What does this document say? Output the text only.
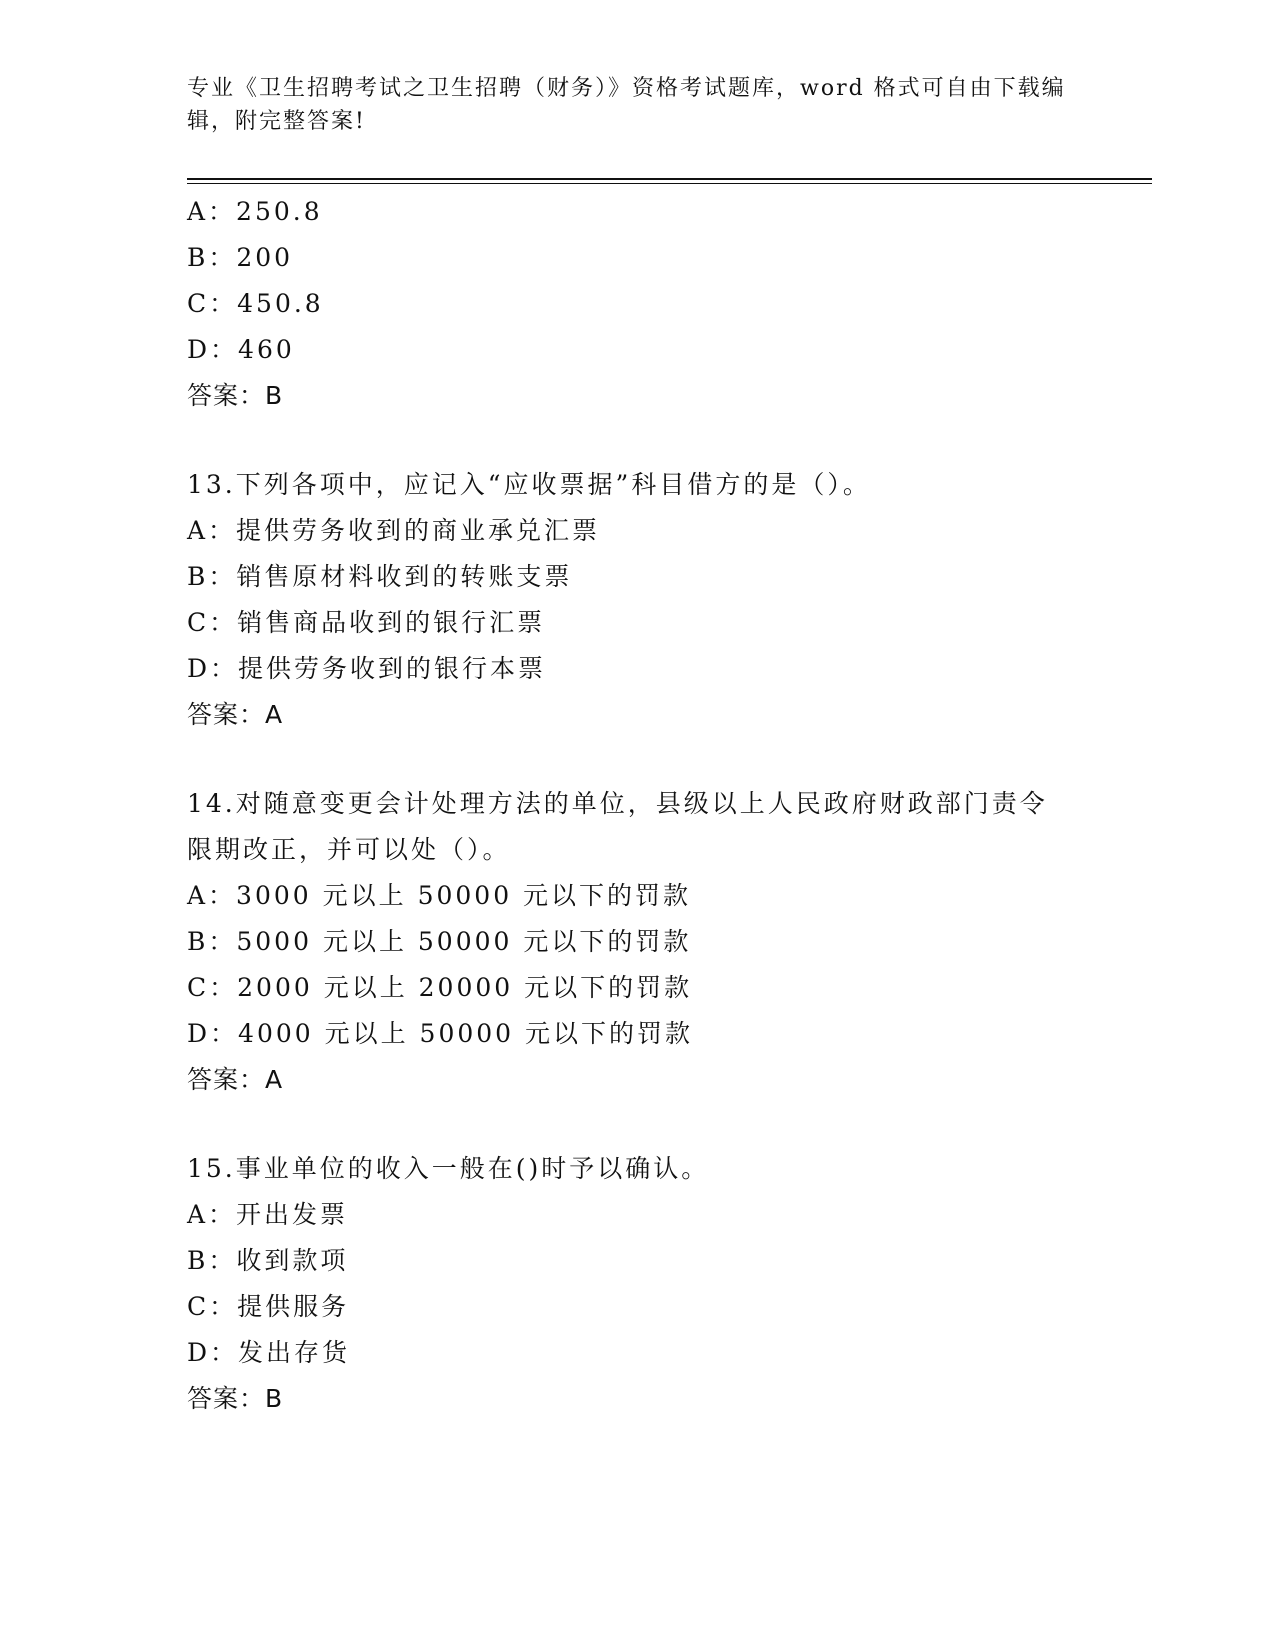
专业《卫生招聘考试之卫生招聘（财务）》资格考试题库，word 格式可自由下载编辑，附完整答案!
A：250.8
B：200
C：450.8
D：460
答案：B
13.下列各项中，应记入“应收票据”科目借方的是（）。
A：提供劳务收到的商业承兑汇票
B：销售原材料收到的转账支票
C：销售商品收到的银行汇票
D：提供劳务收到的银行本票
答案：A
14.对随意变更会计处理方法的单位，县级以上人民政府财政部门责令
限期改正，并可以处（）。
A：3000 元以上 50000 元以下的罚款
B：5000 元以上 50000 元以下的罚款
C：2000 元以上 20000 元以下的罚款
D：4000 元以上 50000 元以下的罚款
答案：A
15.事业单位的收入一般在()时予以确认。
A：开出发票
B：收到款项
C：提供服务
D：发出存货
答案：B
